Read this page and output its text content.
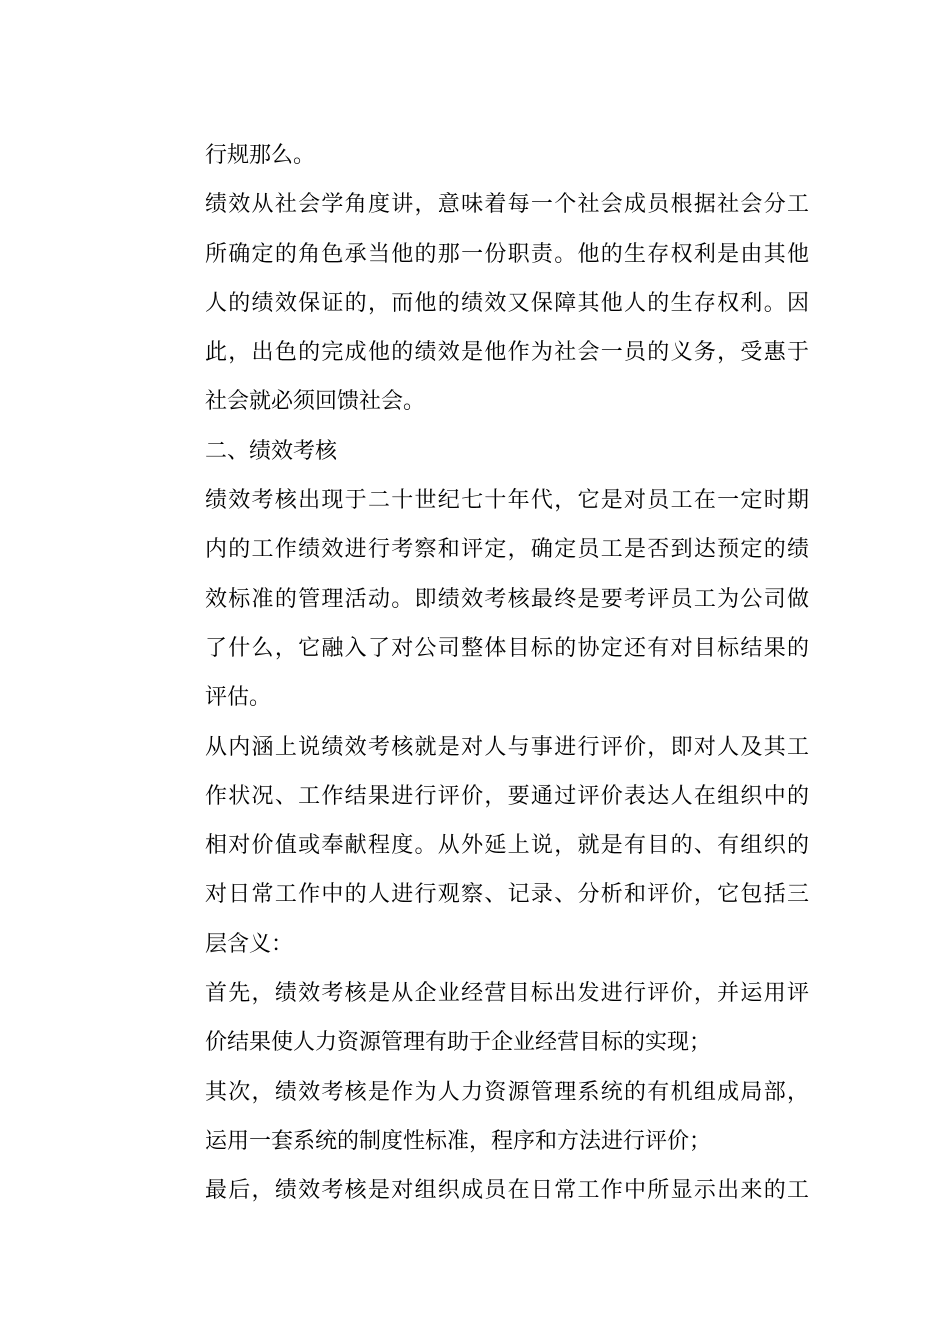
行规那么。
绩效从社会学角度讲，意味着每一个社会成员根据社会分工
所确定的角色承当他的那一份职责。他的生存权利是由其他
人的绩效保证的，而他的绩效又保障其他人的生存权利。因
此，出色的完成他的绩效是他作为社会一员的义务，受惠于
社会就必须回馈社会。
二、绩效考核
绩效考核出现于二十世纪七十年代，它是对员工在一定时期
内的工作绩效进行考察和评定，确定员工是否到达预定的绩
效标准的管理活动。即绩效考核最终是要考评员工为公司做
了什么，它融入了对公司整体目标的协定还有对目标结果的
评估。
从内涵上说绩效考核就是对人与事进行评价，即对人及其工
作状况、工作结果进行评价，要通过评价表达人在组织中的
相对价值或奉献程度。从外延上说，就是有目的、有组织的
对日常工作中的人进行观察、记录、分析和评价，它包括三
层含义：
首先，绩效考核是从企业经营目标出发进行评价，并运用评
价结果使人力资源管理有助于企业经营目标的实现；
其次，绩效考核是作为人力资源管理系统的有机组成局部，
运用一套系统的制度性标准，程序和方法进行评价；
最后，绩效考核是对组织成员在日常工作中所显示出来的工
